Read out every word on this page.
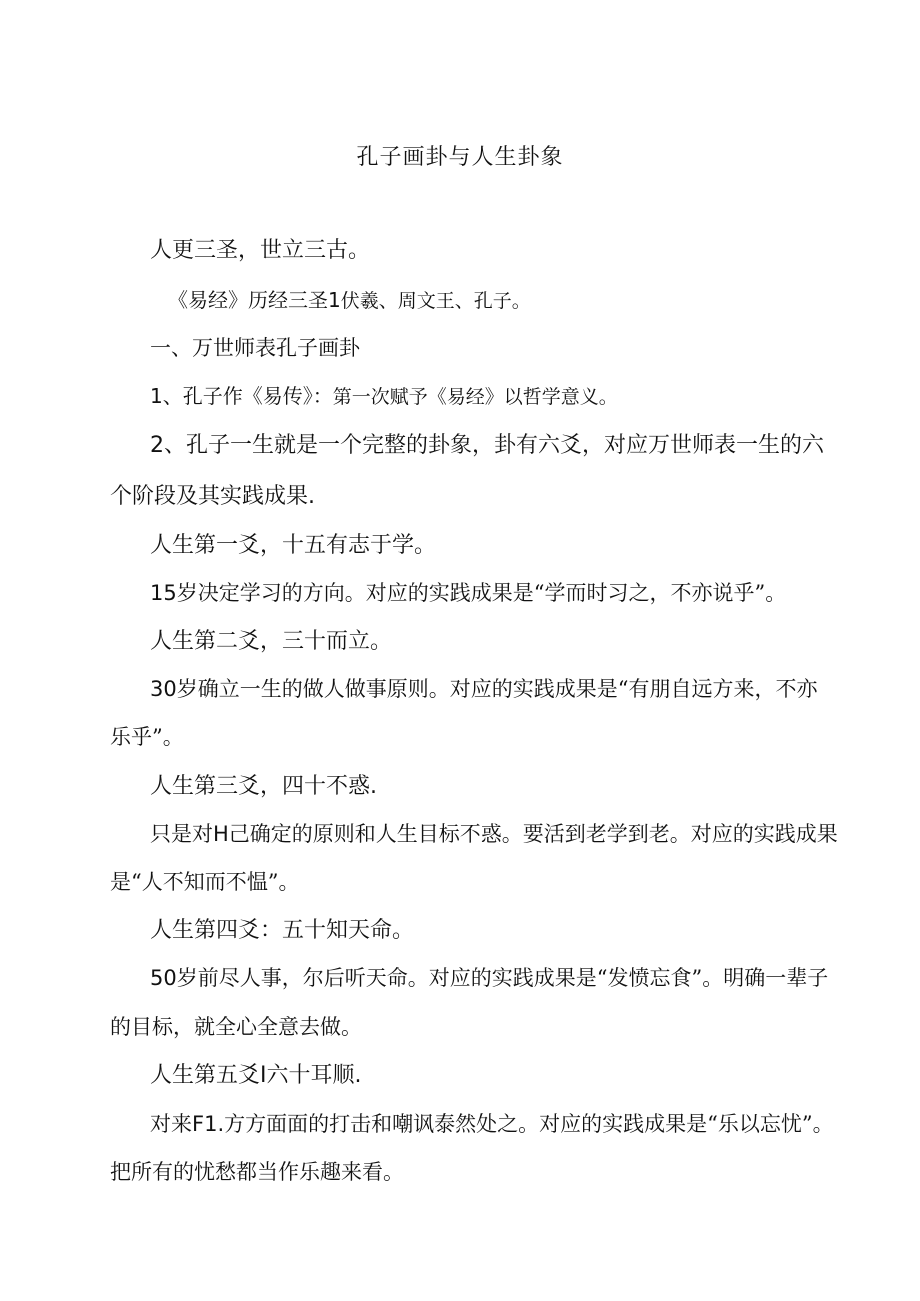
孔子画卦与人生卦象
人更三圣，世立三古。
《易经》历经三圣1伏羲、周文王、孔子。
一、万世师表孔子画卦
1、孔子作《易传》：第一次赋予《易经》以哲学意义。
2、孔子一生就是一个完整的卦象，卦有六爻，对应万世师表一生的六
个阶段及其实践成果.
人生第一爻，十五有志于学。
15岁决定学习的方向。对应的实践成果是“学而时习之，不亦说乎”。
人生第二爻，三十而立。
30岁确立一生的做人做事原则。对应的实践成果是“有朋自远方来，不亦
乐乎”。
人生第三爻，四十不惑.
只是对H己确定的原则和人生目标不惑。要活到老学到老。对应的实践成果
是“人不知而不愠”。
人生第四爻：五十知天命。
50岁前尽人事，尔后听天命。对应的实践成果是“发愤忘食”。明确一辈子
的目标，就全心全意去做。
人生第五爻I六十耳顺.
对来F1.方方面面的打击和嘲讽泰然处之。对应的实践成果是“乐以忘忧”。
把所有的忧愁都当作乐趣来看。
